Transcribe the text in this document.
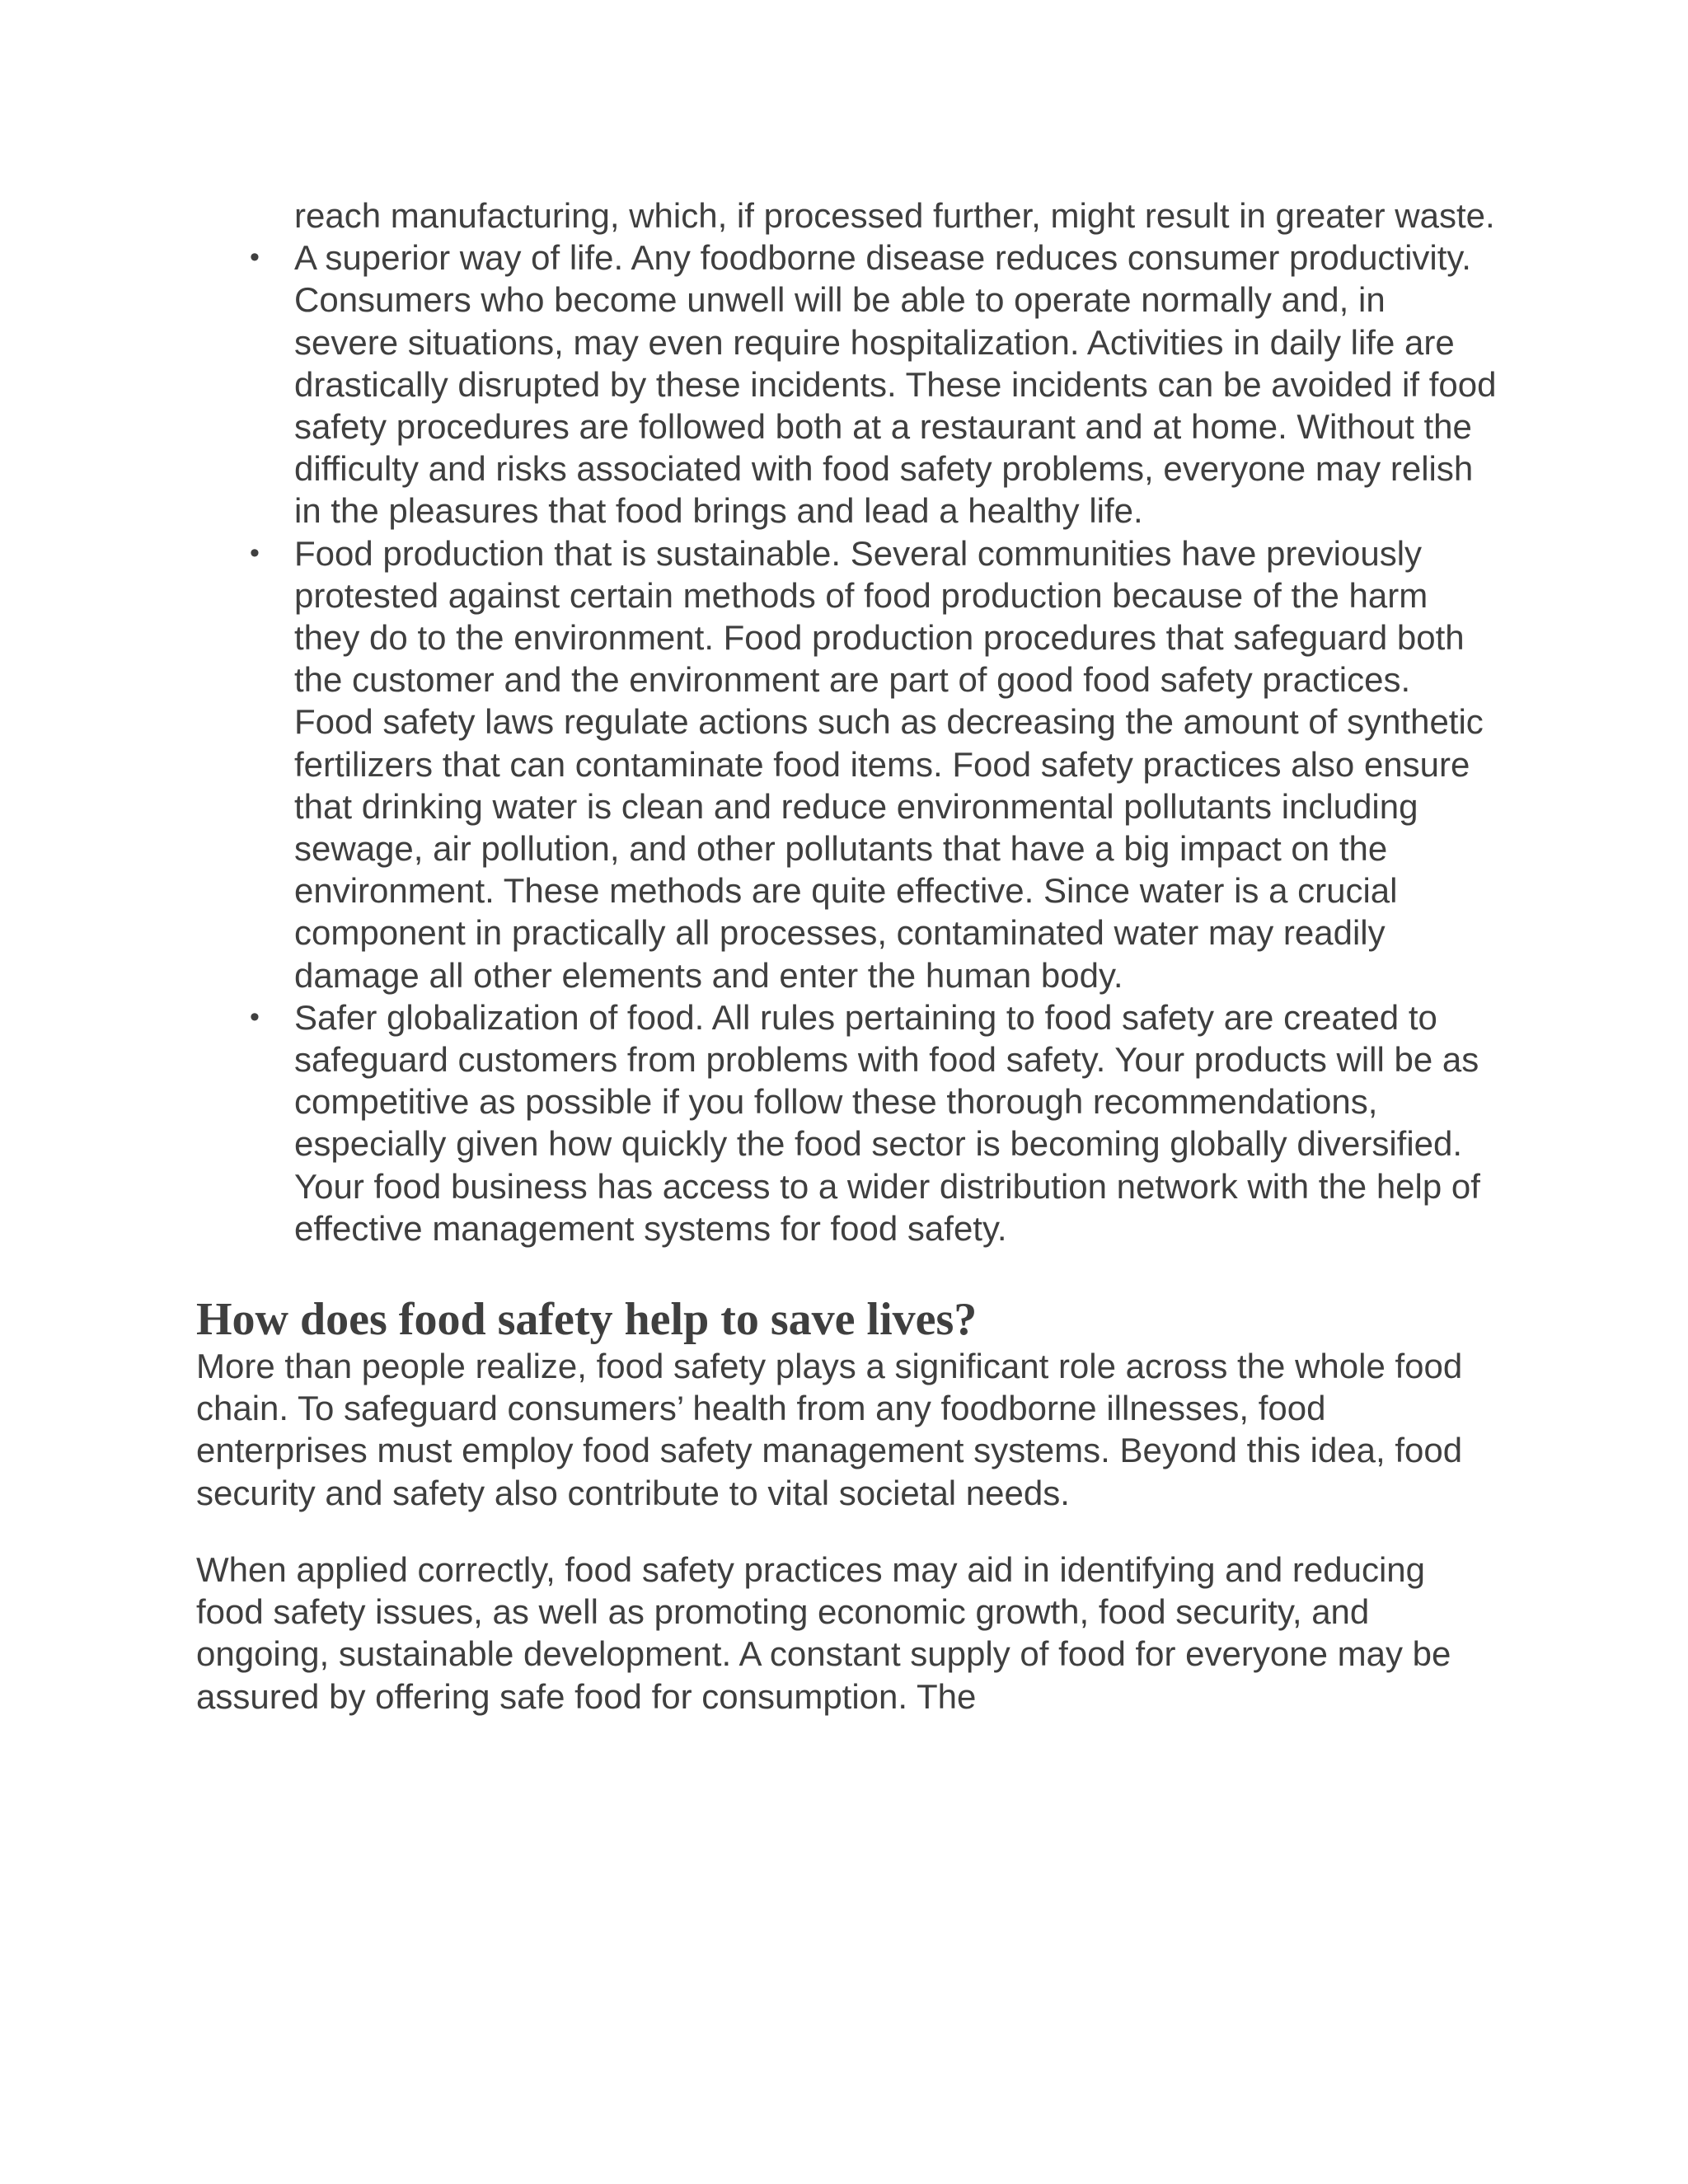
reach manufacturing, which, if processed further, might result in greater waste.

• A superior way of life. Any foodborne disease reduces consumer productivity. Consumers who become unwell will be able to operate normally and, in severe situations, may even require hospitalization. Activities in daily life are drastically disrupted by these incidents. These incidents can be avoided if food safety procedures are followed both at a restaurant and at home. Without the difficulty and risks associated with food safety problems, everyone may relish in the pleasures that food brings and lead a healthy life.
• Food production that is sustainable. Several communities have previously protested against certain methods of food production because of the harm they do to the environment. Food production procedures that safeguard both the customer and the environment are part of good food safety practices. Food safety laws regulate actions such as decreasing the amount of synthetic fertilizers that can contaminate food items. Food safety practices also ensure that drinking water is clean and reduce environmental pollutants including sewage, air pollution, and other pollutants that have a big impact on the environment. These methods are quite effective. Since water is a crucial component in practically all processes, contaminated water may readily damage all other elements and enter the human body.
• Safer globalization of food. All rules pertaining to food safety are created to safeguard customers from problems with food safety. Your products will be as competitive as possible if you follow these thorough recommendations, especially given how quickly the food sector is becoming globally diversified. Your food business has access to a wider distribution network with the help of effective management systems for food safety.
How does food safety help to save lives?

More than people realize, food safety plays a significant role across the whole food chain. To safeguard consumers’ health from any foodborne illnesses, food enterprises must employ food safety management systems. Beyond this idea, food security and safety also contribute to vital societal needs.

When applied correctly, food safety practices may aid in identifying and reducing food safety issues, as well as promoting economic growth, food security, and ongoing, sustainable development. A constant supply of food for everyone may be assured by offering safe food for consumption. The
